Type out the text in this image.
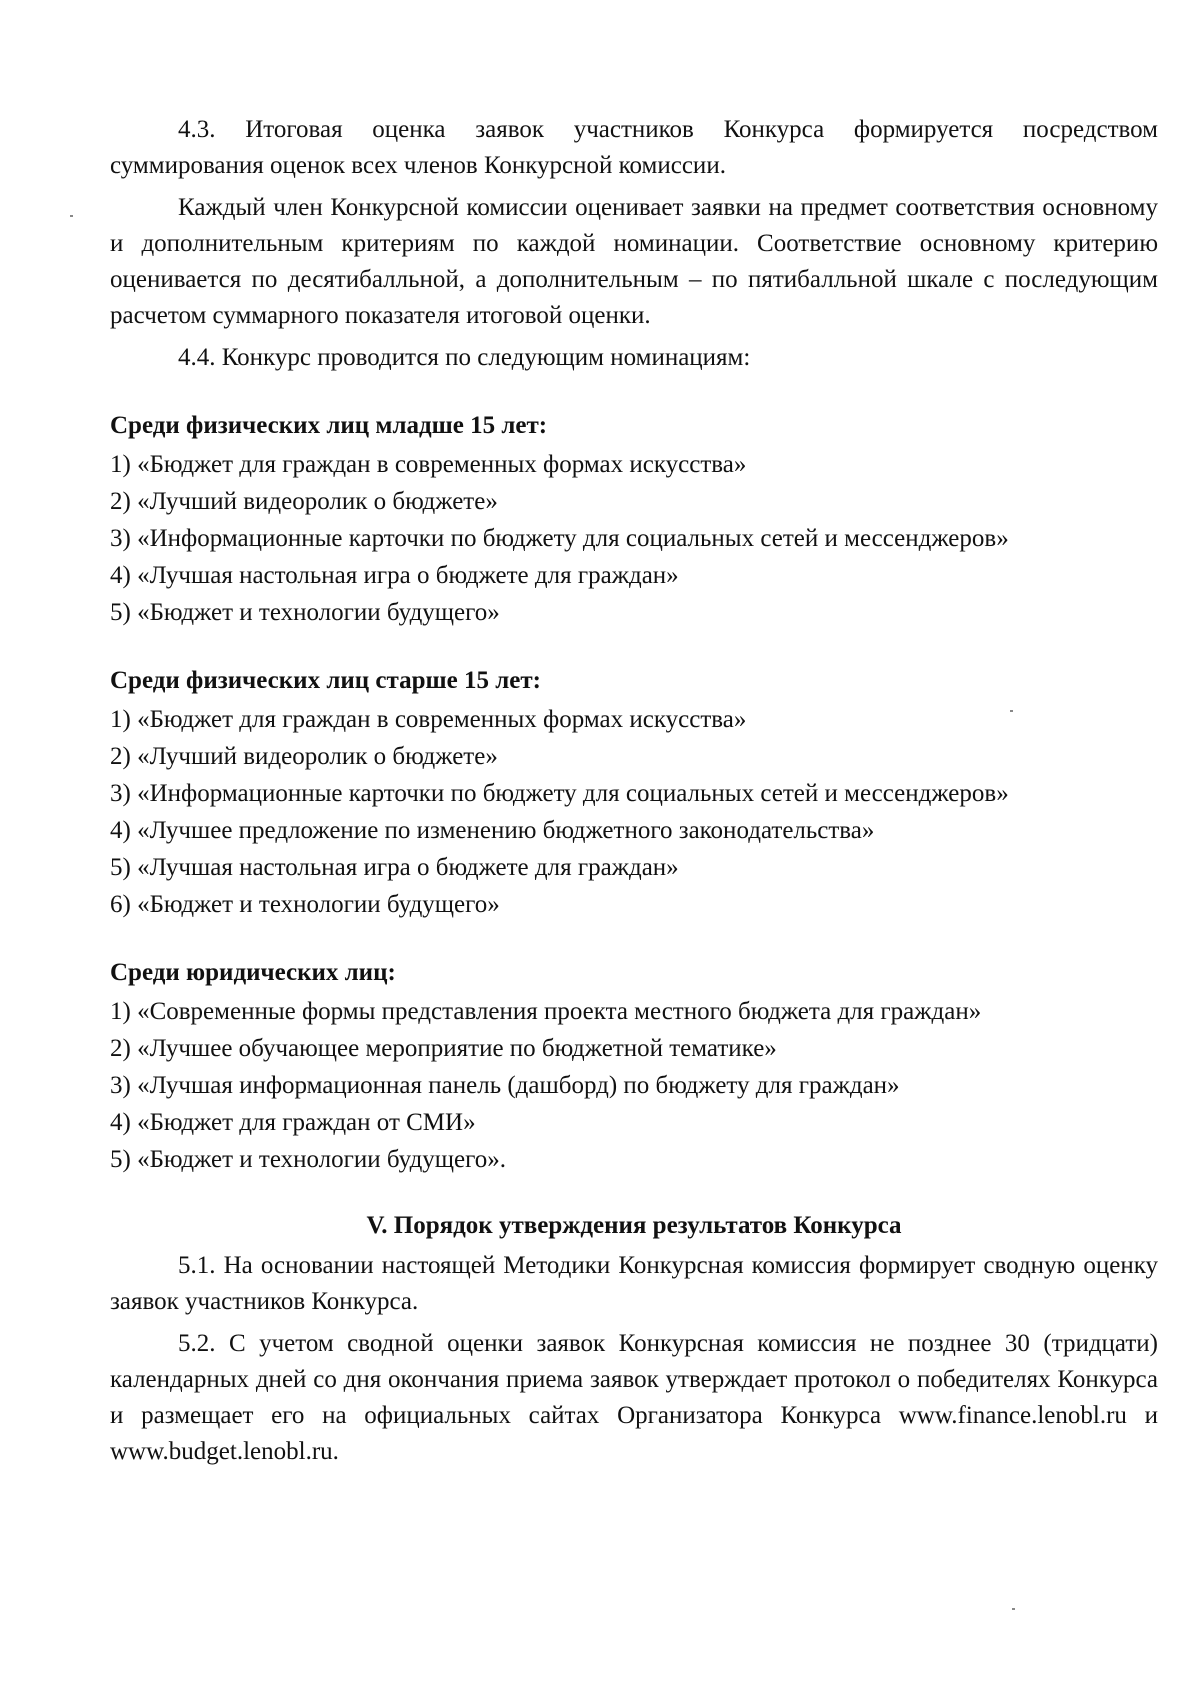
4.3. Итоговая оценка заявок участников Конкурса формируется посредством

суммирования оценок всех членов Конкурсной комиссии.

Каждый член Конкурсной комиссии оценивает заявки на предмет соответствия основному и дополнительным критериям по каждой номинации. Соответствие основному критерию оценивается по десятибалльной, а дополнительным – по пятибалльной шкале с последующим расчетом суммарного показателя итоговой оценки.

4.4. Конкурс проводится по следующим номинациям:

Среди физических лиц младше 15 лет:

1) «Бюджет для граждан в современных формах искусства»
2) «Лучший видеоролик о бюджете»
3) «Информационные карточки по бюджету для социальных сетей и мессенджеров»
4) «Лучшая настольная игра о бюджете для граждан»
5) «Бюджет и технологии будущего»

Среди физических лиц старше 15 лет:

1) «Бюджет для граждан в современных формах искусства»
2) «Лучший видеоролик о бюджете»
3) «Информационные карточки по бюджету для социальных сетей и мессенджеров»
4) «Лучшее предложение по изменению бюджетного законодательства»
5) «Лучшая настольная игра о бюджете для граждан»
6) «Бюджет и технологии будущего»

Среди юридических лиц:

1) «Современные формы представления проекта местного бюджета для граждан»
2) «Лучшее обучающее мероприятие по бюджетной тематике»
3) «Лучшая информационная панель (дашборд) по бюджету для граждан»
4) «Бюджет для граждан от СМИ»
5) «Бюджет и технологии будущего».

V. Порядок утверждения результатов Конкурса

5.1. На основании настоящей Методики Конкурсная комиссия формирует сводную оценку заявок участников Конкурса.

5.2. С учетом сводной оценки заявок Конкурсная комиссия не позднее 30 (тридцати) календарных дней со дня окончания приема заявок утверждает протокол о победителях Конкурса и размещает его на официальных сайтах Организатора Конкурса www.finance.lenobl.ru и www.budget.lenobl.ru.
